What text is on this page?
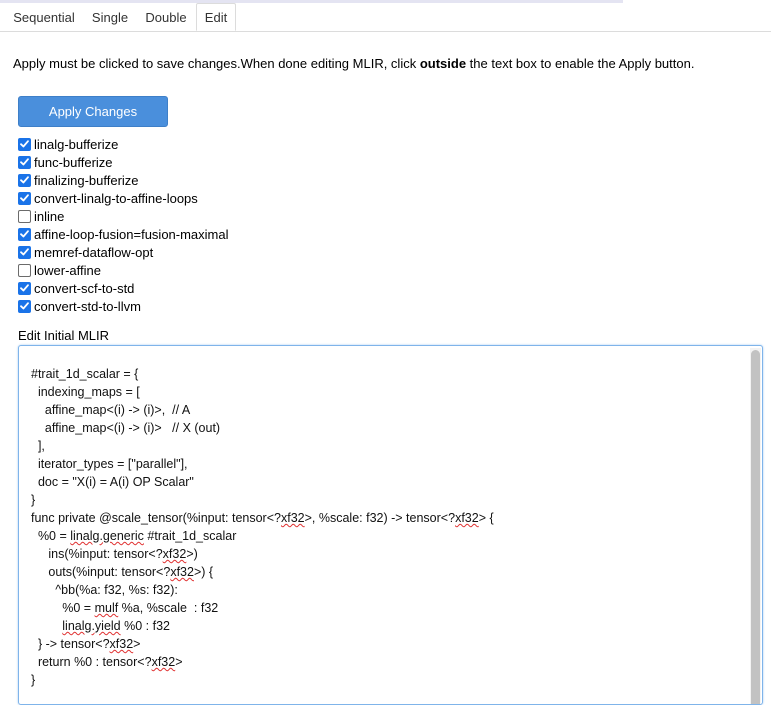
Sequential Single Double	Edit
Apply must be clicked to save changes.When done editing MLIR, click outside the text box to enable the Apply button.
Apply Changes
linalg-bufferize
func-bufferize
finalizing-bufferize
convert-linalg-to-affine-loops
inline
affine-loop-fusion=fusion-maximal
memref-dataflow-opt
lower-affine
convert-scf-to-std
convert-std-to-llvm
Edit Initial MLIR
#trait_1d_scalar = {
indexing_maps = [
affine_map<(i) -> (i)>,  // A
affine_map<(i) -> (i)>   // X (out)
],
iterator_types = ["parallel"],
doc = "X(i) = A(i) OP Scalar"
}
func private @scale_tensor(%input: tensor<?xf32>, %scale: f32) -> tensor<?xf32> {
%0 = linalg.generic #trait_1d_scalar
ins(%input: tensor<?xf32>)
outs(%input: tensor<?xf32>) {
^bb(%a: f32, %s: f32):
%0 = mulf %a, %scale  : f32
linalg.yield %0 : f32
} -> tensor<?xf32>
return %0 : tensor<?xf32>
}
